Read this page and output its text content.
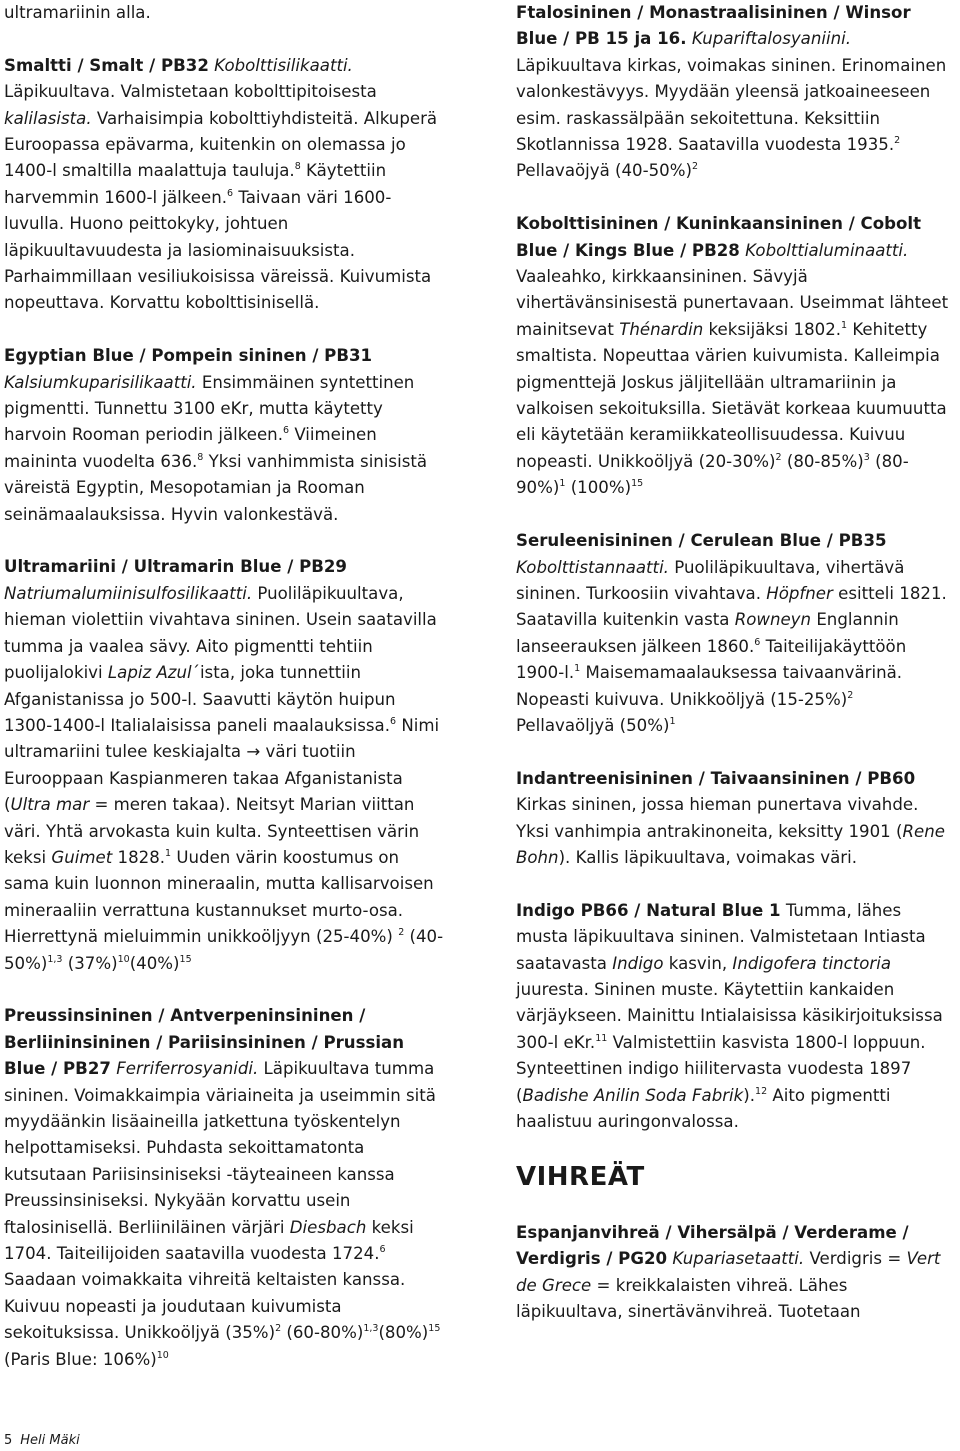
ultramariinin alla.

Smaltti / Smalt / PB32 Kobolttisilikaatti. Läpikuultava. Valmistetaan kobolttipitoisesta kalilasista. Varhaisimpia kobolttiyhdisteitä. Alkuperä Euroopassa epävarma, kuitenkin on olemassa jo 1400-l smaltilla maalattuja tauluja.$^8$ Käytettiin harvemmin 1600-l jälkeen.$^6$ Taivaan väri 1600-luvulla. Huono peittokyky, johtuen läpikuultavuudesta ja lasiominaisuuksista. Parhaimmillaan vesiliukoisissa väreissä. Kuivumista nopeuttava. Korvattu kobolttisinisellä.

Egyptian Blue / Pompein sininen / PB31 Kalsiumkuparisilikaatti. Ensimmäinen syntettinen pigmentti. Tunnettu 3100 eKr, mutta käytetty harvoin Rooman periodin jälkeen.$^6$ Viimeinen maininta vuodelta 636.$^8$ Yksi vanhimmista sinisistä väreistä Egyptin, Mesopotamian ja Rooman seinämaalauksissa. Hyvin valonkestävä.

Ultramariini / Ultramarin Blue / PB29 Natriumalumiinisulfosilikaatti. Puoliläpikuultava, hieman violettiin vivahtava sininen. Usein saatavilla tumma ja vaalea sävy. Aito pigmentti tehtiin puolijalokivi Lapiz Azul´ista, joka tunnettiin Afganistanissa jo 500-l. Saavutti käytön huipun 1300-1400-l Italialaisissa paneli maalauksissa.$^6$ Nimi ultramariini tulee keskiajalta → väri tuotiin Eurooppaan Kaspianmeren takaa Afganistanista (Ultra mar = meren takaa). Neitsyt Marian viittan väri. Yhtä arvokasta kuin kulta. Synteettisen värin keksi Guimet 1828.$^1$ Uuden värin koostumus on sama kuin luonnon mineraalin, mutta kallisarvoisen mineraaliin verrattuna kustannukset murto-osa. Hierrettynä mieluimmin unikkoöljyyn (25-40%) $^2$ $(40-50\%)^{1,3}$ $(37\%)^{10}(40\%)^{15}$

Preussinsininen / Antverpeninsininen / Berliininsininen / Pariisinsininen / Prussian Blue / PB27 Ferriferrosyanidi. Läpikuultava tumma sininen. Voimakkaimpia väriaineita ja useimmin sitä myydäänkin lisäaineilla jatkettuna työskentelyn helpottamiseksi. Puhdasta sekoittamatonta kutsutaan Pariisinsiniseksi -täyteaineen kanssa Preussinsiniseksi. Nykyään korvattu usein ftalosinisellä. Berliiniläinen värjäri Diesbach keksi 1704. Taiteilijoiden saatavilla vuodesta 1724.$^6$ Saadaan voimakkaita vihreitä keltaisten kanssa. Kuivuu nopeasti ja joudutaan kuivumista sekoituksissa. Unikkoöljyä $(35\%)^2$ $(60-80\%)^{1,3}(80\%)^{15}$ (Paris Blue: 106%)$^{10}$

Ftalosininen / Monastraalisininen / Winsor Blue / PB 15 ja 16. Kupariftalosyaniini. Läpikuultava kirkas, voimakas sininen. Erinomainen valonkestävyys. Myydään yleensä jatkoaineeseen esim. raskassälpään sekoitettuna. Keksittiin Skotlannissa 1928. Saatavilla vuodesta 1935.$^2$ Pellavaöjyä $(40-50\%)^2$

Kobolttisininen / Kuninkaansininen / Cobolt Blue / Kings Blue / PB28 Kobolttialuminaatti. Vaaleahko, kirkkaansininen. Sävyjä vihertävänsinisestä punertavaan. Useimmat lähteet mainitsevat Thénardin keksijäksi 1802.$^1$ Kehitetty smaltista. Nopeuttaa värien kuivumista. Kalleimpia pigmenttejä Joskus jäljitellään ultramariinin ja valkoisen sekoituksilla. Sietävät korkeaa kuumuutta eli käytetään keramiikkateollisuudessa. Kuivuu nopeasti. Unikkoöljyä $(20-30\%)^2$ $(80-85\%)^3$ $(80-90\%)^1$ $(100\%)^{15}$

Seruleenisininen / Cerulean Blue / PB35 Kobolttistannaatti. Puoliläpikuultava, vihertävä sininen. Turkoosiin vivahtava. Höpfner esitteli 1821. Saatavilla kuitenkin vasta Rowneyn Englannin lanseerauksen jälkeen 1860.$^6$ Taiteilijakäyttöön 1900-l.$^1$ Maisemamaalauksessa taivaanvärinä. Nopeasti kuivuva. Unikkoöljyä $(15-25\%)^2$ Pellavaöljyä $(50\%)^1$

Indantreenisininen / Taivaansininen / PB60 Kirkas sininen, jossa hieman punertava vivahde. Yksi vanhimpia antrakinoneita, keksitty 1901 (Rene Bohn). Kallis läpikuultava, voimakas väri.

Indigo PB66 / Natural Blue 1 Tumma, lähes musta läpikuultava sininen. Valmistetaan Intiasta saatavasta Indigo kasvin, Indigofera tinctoria juuresta. Sininen muste. Käytettiin kankaiden värjäykseen. Mainittu Intialaisissa käsikirjoituksissa 300-l eKr.$^{11}$ Valmistettiin kasvista 1800-l loppuun. Synteettinen indigo hiilitervasta vuodesta 1897 (Badishe Anilin Soda Fabrik).$^{12}$ Aito pigmentti haalistuu auringonvalossa.

VIHREÄT

Espanjanvihreä / Vihersälpä / Verderame / Verdigris / PG20 Kupariasetaatti. Verdigris = Vert de Grece = kreikkalaisten vihreä. Lähes läpikuultava, sinertävänvihreä. Tuotetaan

5 Heli Mäki
